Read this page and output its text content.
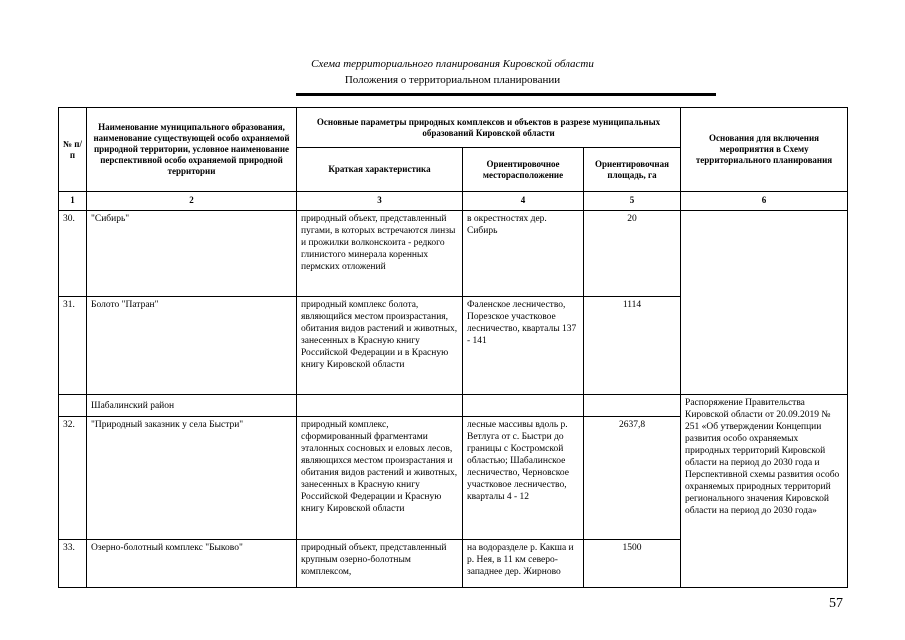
Схема территориального планирования Кировской области
Положения о территориальном планировании
№ п/п	Наименование муниципального образования, наименование существующей особо охраняемой природной территории, условное наименование перспективной особо охраняемой природной территории	Основные параметры природных комплексов и объектов в разрезе муниципальных образований Кировской области			Основания для включения мероприятия в Схему территориального планирования
		Краткая характеристика	Ориентировочное месторасположение	Ориентировочная площадь, га	
1	2	3	4	5	6
30.	"Сибирь"	природный объект, представленный пугами, в которых встречаются линзы и прожилки волконскоита - редкого глинистого минерала коренных пермских отложений	в окрестностях дер. Сибирь	20	
31.	Болото "Патран"	природный комплекс болота, являющийся местом произрастания, обитания видов растений и животных, занесенных в Красную книгу Российской Федерации и в Красную книгу Кировской области	Фаленское лесничество, Порезское участковое лесничество, кварталы 137 - 141	1114	
	Шабалинский район				Распоряжение Правительства Кировской области от 20.09.2019 № 251 «Об утверждении Концепции развития особо охраняемых природных территорий Кировской области на период до 2030 года и Перспективной схемы развития особо охраняемых природных территорий регионального значения Кировской области на период до 2030 года»
32.	"Природный заказник у села Быстри"	природный комплекс, сформированный фрагментами эталонных сосновых и еловых лесов, являющихся местом произрастания и обитания видов растений и животных, занесенных в Красную книгу Российской Федерации и Красную книгу Кировской области	лесные массивы вдоль р. Ветлуга от с. Быстри до границы с Костромской областью; Шабалинское лесничество, Черновское участковое лесничество, кварталы 4 - 12	2637,8	
33.	Озерно-болотный комплекс "Быково"	природный объект, представленный крупным озерно-болотным комплексом,	на водоразделе р. Какша и р. Нея, в 11 км северо-западнее дер. Жирново	1500	
57
